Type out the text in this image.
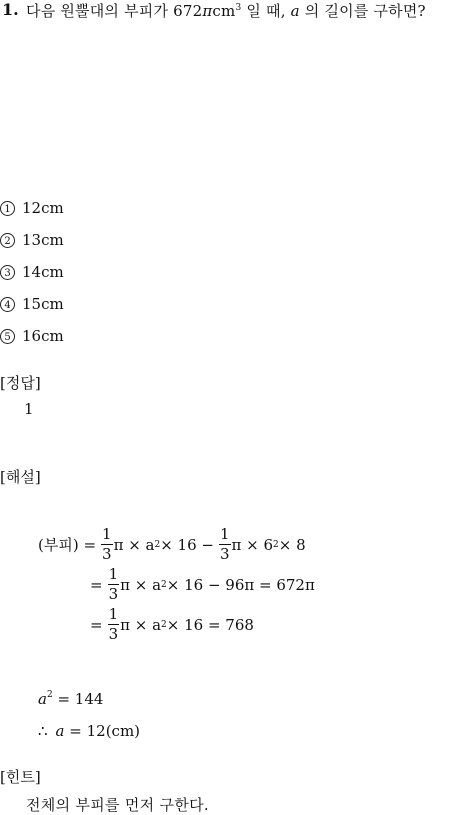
1. 다음 원뿔대의 부피가 672πcm$^3$ 일 때, a 의 길이를 구하면?
1 12cm
2 13cm
3 14cm
4 15cm
5 16cm
[정답]
1
[해설]
(부피) = $\frac{1}{3}$ π × a $2 \times 16 - \frac{1}{3}$ π × 6 2 × 8
= $\frac{1}{3}$ π × a 2 × 16 − 96π = 672π
= $\frac{1}{3}$ π × a 2 × 16 = 768
$a^2 = 144$
∴ a = 12(cm)
[힌트]
전체의 부피를 먼저 구한다.
